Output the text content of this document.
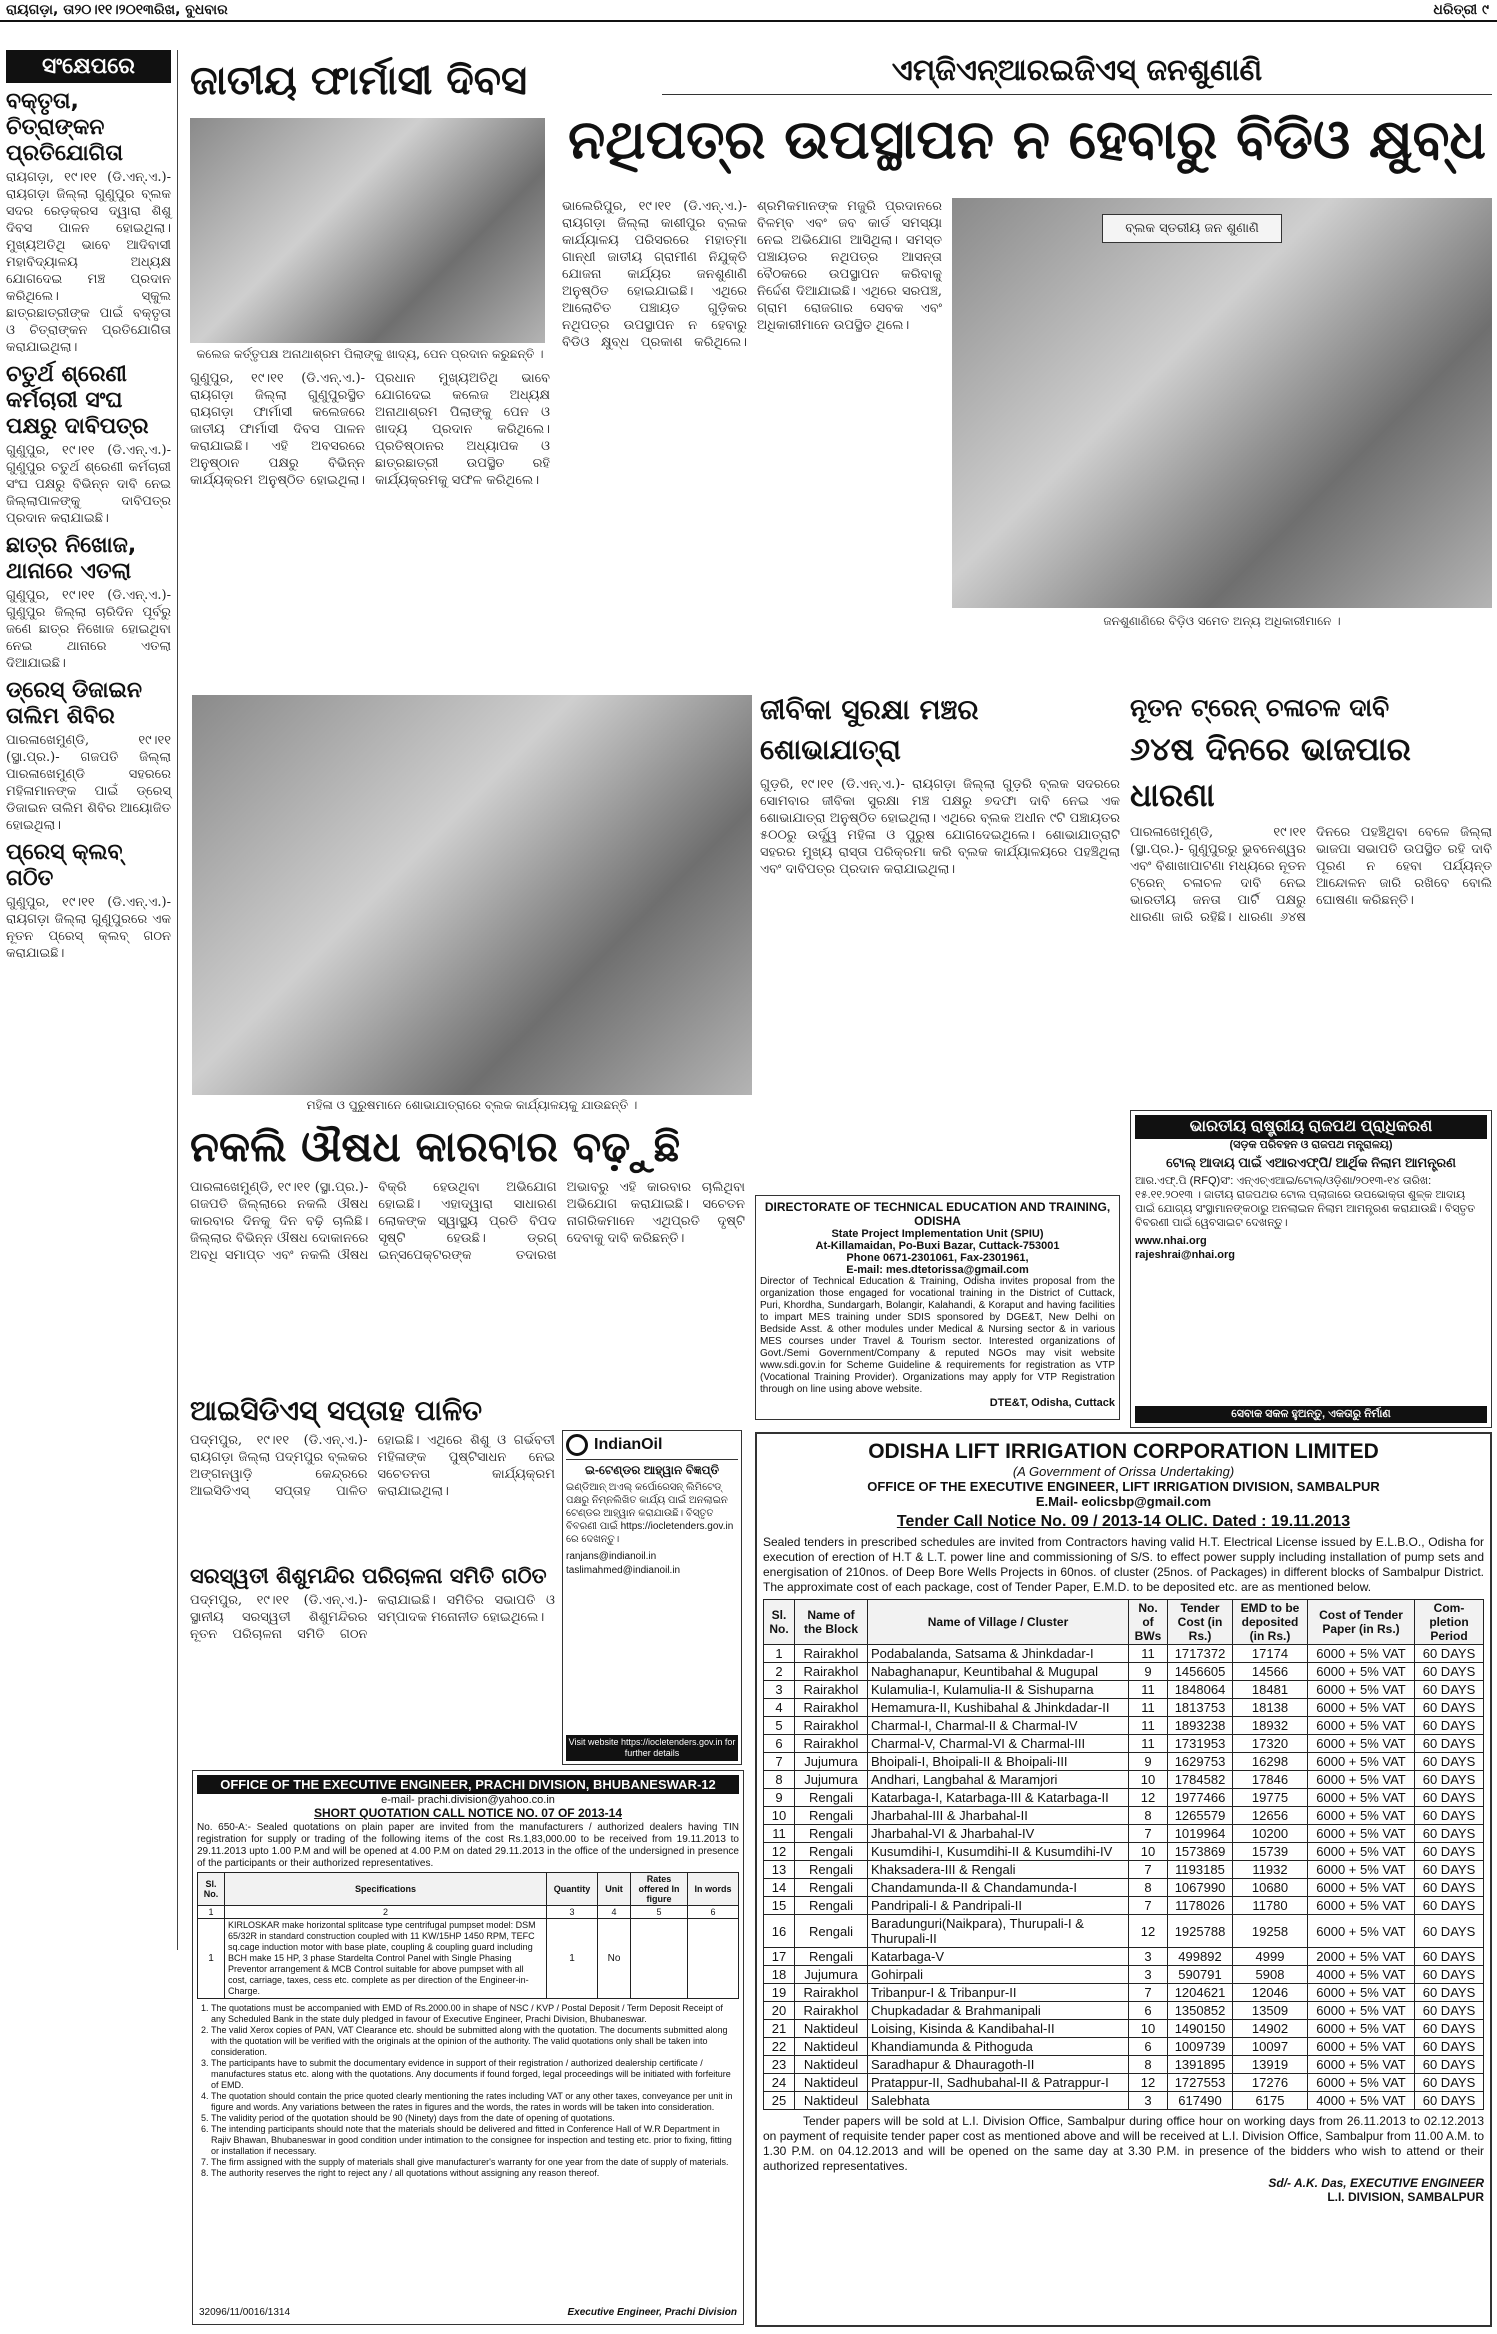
ରାୟଗଡ଼ା, ତା୨୦।୧୧।୨୦୧୩ରିଖ, ବୁଧବାର	ଧରିତ୍ରୀ ୯
ସଂକ୍ଷେପରେ
ବକ୍ତୃତା, ଚିତ୍ରାଙ୍କନ ପ୍ରତିଯୋଗିତା
ରାୟଗଡ଼ା, ୧୯।୧୧ (ଡି.ଏନ୍‌.ଏ.)- ରାୟଗଡ଼ା ଜିଲ୍ଲା ଗୁଣୁପୁର ବ୍ଲକ ସଦର ରେଡ଼କ୍ରସ ଦ୍ୱାରା ଶିଶୁ ଦିବସ ପାଳନ ହୋଇଥିଲା। ମୁଖ୍ୟଅତିଥି ଭାବେ ଆଦିବାସୀ ମହାବିଦ୍ୟାଳୟ ଅଧ୍ୟକ୍ଷ ଯୋଗଦେଇ ମଞ୍ଚ ପ୍ରଦାନ କରିଥିଲେ। ସ୍କୁଲ ଛାତ୍ରଛାତ୍ରୀଙ୍କ ପାଇଁ ବକ୍ତୃତା ଓ ଚିତ୍ରାଙ୍କନ ପ୍ରତିଯୋଗିତା କରାଯାଇଥିଲା।
ଚତୁର୍ଥ ଶ୍ରେଣୀ କର୍ମଚାରୀ ସଂଘ ପକ୍ଷରୁ ଦାବିପତ୍ର
ଗୁଣୁପୁର, ୧୯।୧୧ (ଡି.ଏନ୍‌.ଏ.)- ଗୁଣୁପୁର ଚତୁର୍ଥ ଶ୍ରେଣୀ କର୍ମଚାରୀ ସଂଘ ପକ୍ଷରୁ ବିଭିନ୍ନ ଦାବି ନେଇ ଜିଲ୍ଲାପାଳଙ୍କୁ ଦାବିପତ୍ର ପ୍ରଦାନ କରାଯାଇଛି।
ଛାତ୍ର ନିଖୋଜ, ଥାନାରେ ଏତଲା
ଗୁଣୁପୁର, ୧୯।୧୧ (ଡି.ଏନ୍‌.ଏ.)- ଗୁଣୁପୁର ଜିଲ୍ଲା ଚାରିଦିନ ପୂର୍ବରୁ ଜଣେ ଛାତ୍ର ନିଖୋଜ ହୋଇଥିବା ନେଇ ଥାନାରେ ଏତଲା ଦିଆଯାଇଛି।
ଡ୍ରେସ୍ ଡିଜାଇନ ତାଲିମ ଶିବିର
ପାରଳାଖେମୁଣ୍ଡି, ୧୯।୧୧ (ସ୍ଥା.ପ୍ର.)- ଗଜପତି ଜିଲ୍ଲା ପାରଳାଖେମୁଣ୍ଡି ସହରରେ ମହିଳାମାନଙ୍କ ପାଇଁ ଡ୍ରେସ୍ ଡିଜାଇନ ତାଲିମ ଶିବିର ଆୟୋଜିତ ହୋଇଥିଲା।
ପ୍ରେସ୍ କ୍ଲବ୍ ଗଠିତ
ଗୁଣୁପୁର, ୧୯।୧୧ (ଡି.ଏନ୍‌.ଏ.)- ରାୟଗଡ଼ା ଜିଲ୍ଲା ଗୁଣୁପୁରରେ ଏକ ନୂତନ ପ୍ରେସ୍ କ୍ଲବ୍ ଗଠନ କରାଯାଇଛି।
ଜାତୀୟ ଫାର୍ମାସୀ ଦିବସ
କଲେଜ କର୍ତ୍ତୃପକ୍ଷ ଅନାଥାଶ୍ରମ ପିଲାଙ୍କୁ ଖାଦ୍ୟ, ପେନ ପ୍ରଦାନ କରୁଛନ୍ତି ।
ଗୁଣୁପୁର, ୧୯।୧୧ (ଡି.ଏନ୍‌.ଏ.)- ରାୟଗଡ଼ା ଜିଲ୍ଲା ଗୁଣୁପୁରସ୍ଥିତ ରାୟଗଡ଼ା ଫାର୍ମାସୀ କଲେଜରେ ଜାତୀୟ ଫାର୍ମାସୀ ଦିବସ ପାଳନ କରାଯାଇଛି। ଏହି ଅବସରରେ ଅନୁଷ୍ଠାନ ପକ୍ଷରୁ ବିଭିନ୍ନ କାର୍ଯ୍ୟକ୍ରମ ଅନୁଷ୍ଠିତ ହୋଇଥିଲା। ପ୍ରଧାନ ମୁଖ୍ୟଅତିଥି ଭାବେ ଯୋଗଦେଇ କଲେଜ ଅଧ୍ୟକ୍ଷ ଅନାଥାଶ୍ରମ ପିଲାଙ୍କୁ ପେନ ଓ ଖାଦ୍ୟ ପ୍ରଦାନ କରିଥିଲେ। ପ୍ରତିଷ୍ଠାନର ଅଧ୍ୟାପକ ଓ ଛାତ୍ରଛାତ୍ରୀ ଉପସ୍ଥିତ ରହି କାର୍ଯ୍ୟକ୍ରମକୁ ସଫଳ କରିଥିଲେ।
ଏମ୍‌ଜିଏନ୍‌ଆରଇଜିଏସ୍‌ ଜନଶୁଣାଣି
ନଥିପତ୍ର ଉପସ୍ଥାପନ ନ ହେବାରୁ ବିଡିଓ କ୍ଷୁବ୍ଧ
ଭାଲେରିପୁର, ୧୯।୧୧ (ଡି.ଏନ୍‌.ଏ.)- ରାୟଗଡ଼ା ଜିଲ୍ଲା କାଶୀପୁର ବ୍ଲକ କାର୍ଯ୍ୟାଳୟ ପରିସରରେ ମହାତ୍ମା ଗାନ୍ଧୀ ଜାତୀୟ ଗ୍ରାମୀଣ ନିଯୁକ୍ତି ଯୋଜନା କାର୍ଯ୍ୟର ଜନଶୁଣାଣି ଅନୁଷ୍ଠିତ ହୋଇଯାଇଛି। ଏଥିରେ ଆଲୋଚିତ ପଞ୍ଚାୟତ ଗୁଡ଼ିକର ନଥିପତ୍ର ଉପସ୍ଥାପନ ନ ହେବାରୁ ବିଡିଓ କ୍ଷୁବ୍ଧ ପ୍ରକାଶ କରିଥିଲେ। ଶ୍ରମିକମାନଙ୍କ ମଜୁରି ପ୍ରଦାନରେ ବିଳମ୍ବ ଏବଂ ଜବ କାର୍ଡ ସମସ୍ୟା ନେଇ ଅଭିଯୋଗ ଆସିଥିଲା। ସମସ୍ତ ପଞ୍ଚାୟତର ନଥିପତ୍ର ଆସନ୍ତା ବୈଠକରେ ଉପସ୍ଥାପନ କରିବାକୁ ନିର୍ଦ୍ଦେଶ ଦିଆଯାଇଛି। ଏଥିରେ ସରପଞ୍ଚ, ଗ୍ରାମ ରୋଜଗାର ସେବକ ଏବଂ ଅଧିକାରୀମାନେ ଉପସ୍ଥିତ ଥିଲେ।
ବ୍ଲକ ସ୍ତରୀୟ ଜନ ଶୁଣାଣି
ଜନଶୁଣାଣିରେ ବିଡ଼ିଓ ସମେତ ଅନ୍ୟ ଅଧିକାରୀମାନେ ।
ମହିଳା ଓ ପୁରୁଷମାନେ ଶୋଭାଯାତ୍ରାରେ ବ୍ଲକ କାର୍ଯ୍ୟାଳୟକୁ ଯାଉଛନ୍ତି ।
ଜୀବିକା ସୁରକ୍ଷା ମଞ୍ଚର ଶୋଭାଯାତ୍ରା
ଗୁଡ଼ରି, ୧୯।୧୧ (ଡି.ଏନ୍‌.ଏ.)- ରାୟଗଡ଼ା ଜିଲ୍ଲା ଗୁଡ଼ରି ବ୍ଲକ ସଦରରେ ସୋମବାର ଜୀବିକା ସୁରକ୍ଷା ମଞ୍ଚ ପକ୍ଷରୁ ୭ଦଫା ଦାବି ନେଇ ଏକ ଶୋଭାଯାତ୍ରା ଅନୁଷ୍ଠିତ ହୋଇଥିଲା। ଏଥିରେ ବ୍ଲକ ଅଧୀନ ୯ଟି ପଞ୍ଚାୟତର ୫୦୦ରୁ ଉର୍ଦ୍ଧ୍ୱ ମହିଳା ଓ ପୁରୁଷ ଯୋଗଦେଇଥିଲେ। ଶୋଭାଯାତ୍ରାଟି ସହରର ମୁଖ୍ୟ ରାସ୍ତା ପରିକ୍ରମା କରି ବ୍ଲକ କାର୍ଯ୍ୟାଳୟରେ ପହଞ୍ଚିଥିଲା ଏବଂ ଦାବିପତ୍ର ପ୍ରଦାନ କରାଯାଇଥିଲା।
ନୂତନ ଟ୍ରେନ୍ ଚଳାଚଳ ଦାବି
୬୪ଷ ଦିନରେ ଭାଜପାର ଧାରଣା
ପାରଳାଖେମୁଣ୍ଡି, ୧୯।୧୧ (ସ୍ଥା.ପ୍ର.)- ଗୁଣୁପୁରରୁ ଭୁବନେଶ୍ୱର ଏବଂ ବିଶାଖାପାଟଣା ମଧ୍ୟରେ ନୂତନ ଟ୍ରେନ୍ ଚଳାଚଳ ଦାବି ନେଇ ଭାରତୀୟ ଜନତା ପାର୍ଟି ପକ୍ଷରୁ ଧାରଣା ଜାରି ରହିଛି। ଧାରଣା ୬୪ଷ ଦିନରେ ପହଞ୍ଚିଥିବା ବେଳେ ଜିଲ୍ଲା ଭାଜପା ସଭାପତି ଉପସ୍ଥିତ ରହି ଦାବି ପୂରଣ ନ ହେବା ପର୍ଯ୍ୟନ୍ତ ଆନ୍ଦୋଳନ ଜାରି ରଖିବେ ବୋଲି ଘୋଷଣା କରିଛନ୍ତି।
ଭାରତୀୟ ରାଷ୍ଟ୍ରୀୟ ରାଜପଥ ପ୍ରାଧିକରଣ
(ସଡ଼କ ପରିବହନ ଓ ରାଜପଥ ମନ୍ତ୍ରାଳୟ)
ଟୋଲ୍ ଆଦାୟ ପାଇଁ ଏଆରଏଫ୍‌ପି/ ଆର୍ଥିକ ନିଲାମ ଆମନ୍ତ୍ରଣ
ଆର.ଏଫ୍‌.ପି (RFQ)ସଂ: ଏନ୍‌ଏଚ୍‌ଏଆଇ/ଟୋଲ୍/ଓଡ଼ିଶା/୨୦୧୩-୧୪ ତାରିଖ: ୧୫.୧୧.୨୦୧୩ । ଜାତୀୟ ରାଜପଥର ଟୋଲ ପ୍ଲାଜାରେ ଉପଭୋକ୍ତା ଶୁଳ୍କ ଆଦାୟ ପାଇଁ ଯୋଗ୍ୟ ସଂସ୍ଥାମାନଙ୍କଠାରୁ ଅନଲାଇନ ନିଲାମ ଆମନ୍ତ୍ରଣ କରାଯାଉଛି। ବିସ୍ତୃତ ବିବରଣୀ ପାଇଁ ୱେବସାଇଟ ଦେଖନ୍ତୁ।
www.nhai.org
rajeshrai@nhai.org
ସେବାକ ସକଳ ହୁଅନ୍ତୁ, ଏକତାରୁ ନିର୍ମାଣ
ନକଲି ଔଷଧ କାରବାର ବଢ଼ୁଛି
ପାରଳାଖେମୁଣ୍ଡି, ୧୯।୧୧ (ସ୍ଥା.ପ୍ର.)- ଗଜପତି ଜିଲ୍ଲାରେ ନକଲି ଔଷଧ କାରବାର ଦିନକୁ ଦିନ ବଢ଼ି ଚାଲିଛି। ଜିଲ୍ଲାର ବିଭିନ୍ନ ଔଷଧ ଦୋକାନରେ ଅବଧି ସମାପ୍ତ ଏବଂ ନକଲି ଔଷଧ ବିକ୍ରି ହେଉଥିବା ଅଭିଯୋଗ ହୋଇଛି। ଏହାଦ୍ୱାରା ସାଧାରଣ ଲୋକଙ୍କ ସ୍ୱାସ୍ଥ୍ୟ ପ୍ରତି ବିପଦ ସୃଷ୍ଟି ହେଉଛି। ଡ୍ରଗ୍ ଇନ୍‌ସପେକ୍ଟରଙ୍କ ତଦାରଖ ଅଭାବରୁ ଏହି କାରବାର ଚାଲିଥିବା ଅଭିଯୋଗ କରାଯାଇଛି। ସଚେତନ ନାଗରିକମାନେ ଏଥିପ୍ରତି ଦୃଷ୍ଟି ଦେବାକୁ ଦାବି କରିଛନ୍ତି।
DIRECTORATE OF TECHNICAL EDUCATION AND TRAINING, ODISHA
State Project Implementation Unit (SPIU)
At-Killamaidan, Po-Buxi Bazar, Cuttack-753001
Phone 0671-2301061, Fax-2301961,
E-mail: mes.dtetorissa@gmail.com
Director of Technical Education & Training, Odisha invites proposal from the organization those engaged for vocational training in the District of Cuttack, Puri, Khordha, Sundargarh, Bolangir, Kalahandi, & Koraput and having facilities to impart MES training under SDIS sponsored by DGE&T, New Delhi on Bedside Asst. & other modules under Medical & Nursing sector & in various MES courses under Travel & Tourism sector. Interested organizations of Govt./Semi Government/Company & reputed NGOs may visit website www.sdi.gov.in for Scheme Guideline & requirements for registration as VTP (Vocational Training Provider). Organizations may apply for VTP Registration through on line using above website.
DTE&T, Odisha, Cuttack
ଆଇସିଡିଏସ୍ ସପ୍ତାହ ପାଳିତ
ପଦ୍ମପୁର, ୧୯।୧୧ (ଡି.ଏନ୍‌.ଏ.)- ରାୟଗଡ଼ା ଜିଲ୍ଲା ପଦ୍ମପୁର ବ୍ଲକର ଅଙ୍ଗନୱାଡ଼ି କେନ୍ଦ୍ରରେ ଆଇସିଡିଏସ୍ ସପ୍ତାହ ପାଳିତ ହୋଇଛି। ଏଥିରେ ଶିଶୁ ଓ ଗର୍ଭବତୀ ମହିଳାଙ୍କ ପୁଷ୍ଟିସାଧନ ନେଇ ସଚେତନତା କାର୍ଯ୍ୟକ୍ରମ କରାଯାଇଥିଲା।
ସରସ୍ୱତୀ ଶିଶୁମନ୍ଦିର ପରିଚାଳନା ସମିତି ଗଠିତ
ପଦ୍ମପୁର, ୧୯।୧୧ (ଡି.ଏନ୍‌.ଏ.)- ସ୍ଥାନୀୟ ସରସ୍ୱତୀ ଶିଶୁମନ୍ଦିରର ନୂତନ ପରିଚାଳନା ସମିତି ଗଠନ କରାଯାଇଛି। ସମିତିର ସଭାପତି ଓ ସମ୍ପାଦକ ମନୋନୀତ ହୋଇଥିଲେ।
IndianOil
ଇ-ଟେଣ୍ଡର ଆହ୍ୱାନ ବିଜ୍ଞପ୍ତି
ଇଣ୍ଡିଆନ୍ ଅଏଲ୍ କର୍ପୋରେସନ୍ ଲିମିଟେଡ୍ ପକ୍ଷରୁ ନିମ୍ନଲିଖିତ କାର୍ଯ୍ୟ ପାଇଁ ଅନଲାଇନ ଟେଣ୍ଡର ଆହ୍ୱାନ କରାଯାଉଛି। ବିସ୍ତୃତ ବିବରଣୀ ପାଇଁ https://iocletenders.gov.in ରେ ଦେଖନ୍ତୁ।
ranjans@indianoil.in
taslimahmed@indianoil.in
Visit website https://iocletenders.gov.in for further details
OFFICE OF THE EXECUTIVE ENGINEER, PRACHI DIVISION, BHUBANESWAR-12
e-mail- prachi.division@yahoo.co.in
SHORT QUOTATION CALL NOTICE NO. 07 OF 2013-14
No. 650-A:- Sealed quotations on plain paper are invited from the manufacturers / authorized dealers having TIN registration for supply or trading of the following items of the cost Rs.1,83,000.00 to be received from 19.11.2013 to 29.11.2013 upto 1.00 P.M and will be opened at 4.00 P.M on dated 29.11.2013 in the office of the undersigned in presence of the participants or their authorized representatives.
Sl. No.	Specifications	Quantity	Unit	Rates offered In figure	In words
1	2	3	4	5	6
1	KIRLOSKAR make horizontal splitcase type centrifugal pumpset model: DSM 65/32R in standard construction coupled with 11 KW/15HP 1450 RPM, TEFC sq.cage induction motor with base plate, coupling & coupling guard including BCH make 15 HP, 3 phase Stardelta Control Panel with Single Phasing Preventor arrangement & MCB Control suitable for above pumpset with all cost, carriage, taxes, cess etc. complete as per direction of the Engineer-in-Charge.	1	No		
1. The quotations must be accompanied with EMD of Rs.2000.00 in shape of NSC / KVP / Postal Deposit / Term Deposit Receipt of any Scheduled Bank in the state duly pledged in favour of Executive Engineer, Prachi Division, Bhubaneswar.
2. The valid Xerox copies of PAN, VAT Clearance etc. should be submitted along with the quotation. The documents submitted along with the quotation will be verified with the originals at the opinion of the authority. The valid quotations only shall be taken into consideration.
3. The participants have to submit the documentary evidence in support of their registration / authorized dealership certificate / manufactures status etc. along with the quotations. Any documents if found forged, legal proceedings will be initiated with forfeiture of EMD.
4. The quotation should contain the price quoted clearly mentioning the rates including VAT or any other taxes, conveyance per unit in figure and words. Any variations between the rates in figures and the words, the rates in words will be taken into consideration.
5. The validity period of the quotation should be 90 (Ninety) days from the date of opening of quotations.
6. The intending participants should note that the materials should be delivered and fitted in Conference Hall of W.R Department in Rajiv Bhawan, Bhubaneswar in good condition under intimation to the consignee for inspection and testing etc. prior to fixing, fitting or installation if necessary.
7. The firm assigned with the supply of materials shall give manufacturer's warranty for one year from the date of supply of materials.
8. The authority reserves the right to reject any / all quotations without assigning any reason thereof.
32096/11/0016/1314	Executive Engineer, Prachi Division
ODISHA LIFT IRRIGATION CORPORATION LIMITED
(A Government of Orissa Undertaking)
OFFICE OF THE EXECUTIVE ENGINEER, LIFT IRRIGATION DIVISION, SAMBALPUR
E.Mail- eolicsbp@gmail.com
Tender Call Notice No. 09 / 2013-14 OLIC. Dated : 19.11.2013
Sealed tenders in prescribed schedules are invited from Contractors having valid H.T. Electrical License issued by E.L.B.O., Odisha for execution of erection of H.T & L.T. power line and commissioning of S/S. to effect power supply including installation of pump sets and energisation of 210nos. of Deep Bore Wells Projects in 60nos. of cluster (25nos. of Packages) in different blocks of Sambalpur District. The approximate cost of each package, cost of Tender Paper, E.M.D. to be deposited etc. are as mentioned below.
Sl. No.	Name of the Block	Name of Village / Cluster	No. of BWs	Tender Cost (in Rs.)	EMD to be deposited (in Rs.)	Cost of Tender Paper (in Rs.)	Com-pletion Period
1	Rairakhol	Podabalanda, Satsama & Jhinkdadar-I	11	1717372	17174	6000 + 5% VAT	60 DAYS
2	Rairakhol	Nabaghanapur, Keuntibahal & Mugupal	9	1456605	14566	6000 + 5% VAT	60 DAYS
3	Rairakhol	Kulamulia-I, Kulamulia-II & Sishuparna	11	1848064	18481	6000 + 5% VAT	60 DAYS
4	Rairakhol	Hemamura-II, Kushibahal & Jhinkdadar-II	11	1813753	18138	6000 + 5% VAT	60 DAYS
5	Rairakhol	Charmal-I, Charmal-II & Charmal-IV	11	1893238	18932	6000 + 5% VAT	60 DAYS
6	Rairakhol	Charmal-V, Charmal-VI & Charmal-III	11	1731953	17320	6000 + 5% VAT	60 DAYS
7	Jujumura	Bhoipali-I, Bhoipali-II & Bhoipali-III	9	1629753	16298	6000 + 5% VAT	60 DAYS
8	Jujumura	Andhari, Langbahal & Maramjori	10	1784582	17846	6000 + 5% VAT	60 DAYS
9	Rengali	Katarbaga-I, Katarbaga-III & Katarbaga-II	12	1977466	19775	6000 + 5% VAT	60 DAYS
10	Rengali	Jharbahal-III & Jharbahal-II	8	1265579	12656	6000 + 5% VAT	60 DAYS
11	Rengali	Jharbahal-VI & Jharbahal-IV	7	1019964	10200	6000 + 5% VAT	60 DAYS
12	Rengali	Kusumdihi-I, Kusumdihi-II & Kusumdihi-IV	10	1573869	15739	6000 + 5% VAT	60 DAYS
13	Rengali	Khaksadera-III & Rengali	7	1193185	11932	6000 + 5% VAT	60 DAYS
14	Rengali	Chandamunda-II & Chandamunda-I	8	1067990	10680	6000 + 5% VAT	60 DAYS
15	Rengali	Pandripali-I & Pandripali-II	7	1178026	11780	6000 + 5% VAT	60 DAYS
16	Rengali	Baradunguri(Naikpara), Thurupali-I & Thurupali-II	12	1925788	19258	6000 + 5% VAT	60 DAYS
17	Rengali	Katarbaga-V	3	499892	4999	2000 + 5% VAT	60 DAYS
18	Jujumura	Gohirpali	3	590791	5908	4000 + 5% VAT	60 DAYS
19	Rairakhol	Tribanpur-I & Tribanpur-II	7	1204621	12046	6000 + 5% VAT	60 DAYS
20	Rairakhol	Chupkadadar & Brahmanipali	6	1350852	13509	6000 + 5% VAT	60 DAYS
21	Naktideul	Loising, Kisinda & Kandibahal-II	10	1490150	14902	6000 + 5% VAT	60 DAYS
22	Naktideul	Khandiamunda & Pithoguda	6	1009739	10097	6000 + 5% VAT	60 DAYS
23	Naktideul	Saradhapur & Dhauragoth-II	8	1391895	13919	6000 + 5% VAT	60 DAYS
24	Naktideul	Pratappur-II, Sadhubahal-II & Patrappur-I	12	1727553	17276	6000 + 5% VAT	60 DAYS
25	Naktideul	Salebhata	3	617490	6175	4000 + 5% VAT	60 DAYS
Tender papers will be sold at L.I. Division Office, Sambalpur during office hour on working days from 26.11.2013 to 02.12.2013 on payment of requisite tender paper cost as mentioned above and will be received at L.I. Division Office, Sambalpur from 11.00 A.M. to 1.30 P.M. on 04.12.2013 and will be opened on the same day at 3.30 P.M. in presence of the bidders who wish to attend or their authorized representatives.
Sd/- A.K. Das, EXECUTIVE ENGINEER
L.I. DIVISION, SAMBALPUR
